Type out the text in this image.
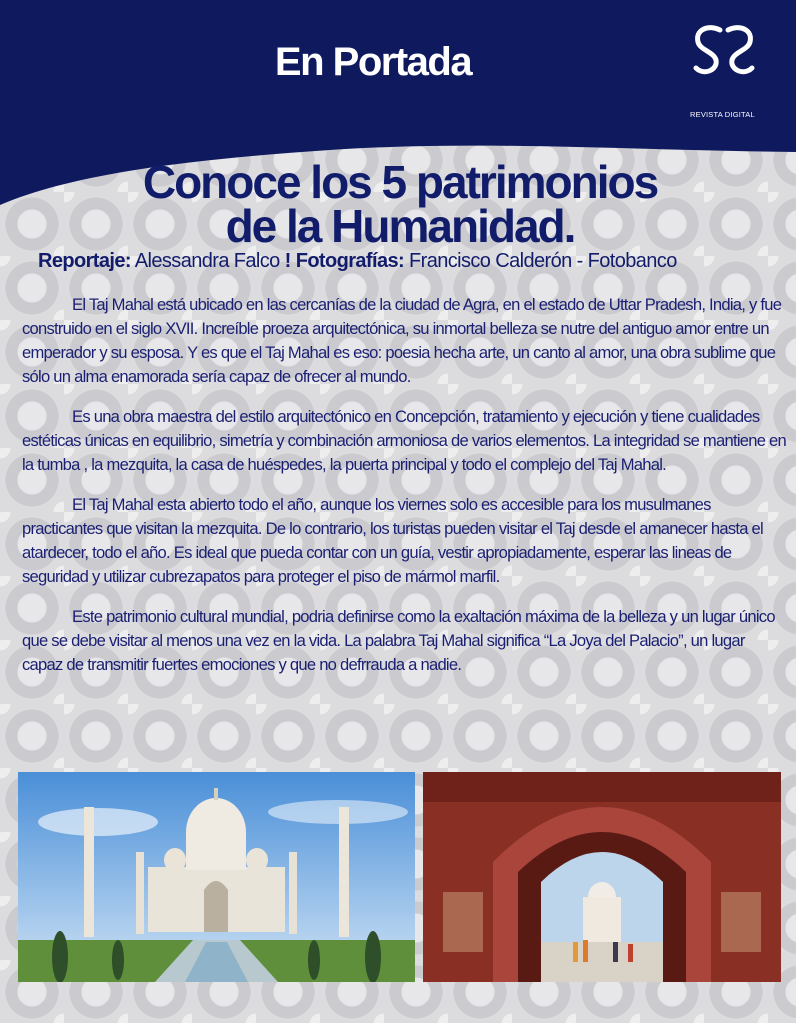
En Portada
REVISTA DIGITAL
Conoce los 5 patrimonios
de la Humanidad.
Reportaje: Alessandra Falco ! Fotografías: Francisco Calderón - Fotobanco

El Taj Mahal está ubicado en las cercanías de la ciudad de Agra, en el estado de Uttar Pradesh, India, y fue construido en el siglo XVII. Increíble proeza arquitectónica, su inmortal belleza se nutre del antiguo amor entre un emperador y su esposa. Y es que el Taj Mahal es eso: poesia hecha arte, un canto al amor, una obra sublime que sólo un alma enamorada sería capaz de ofrecer al mundo.

Es una obra maestra del estilo arquitectónico en Concepción, tratamiento y ejecución y tiene cualidades estéticas únicas en equilibrio, simetría y combinación armoniosa de varios elementos. La integridad se mantiene en la tumba , la mezquita, la casa de huéspedes, la puerta principal y todo el complejo del Taj Mahal.

El Taj Mahal esta abierto todo el año, aunque los viernes solo es accesible para los musulmanes practicantes que visitan la mezquita. De lo contrario, los turistas pueden visitar el Taj desde el amanecer hasta el atardecer, todo el año. Es ideal que pueda contar con un guía, vestir apropiadamente, esperar las lineas de seguridad y utilizar cubrezapatos para proteger el piso de mármol marfil.

Este patrimonio cultural mundial, podria definirse como la exaltación máxima de la belleza y un lugar único que se debe visitar al menos una vez en la vida. La palabra Taj Mahal significa “La Joya del Palacio”, un lugar capaz de transmitir fuertes emociones y que no defrrauda a nadie.
